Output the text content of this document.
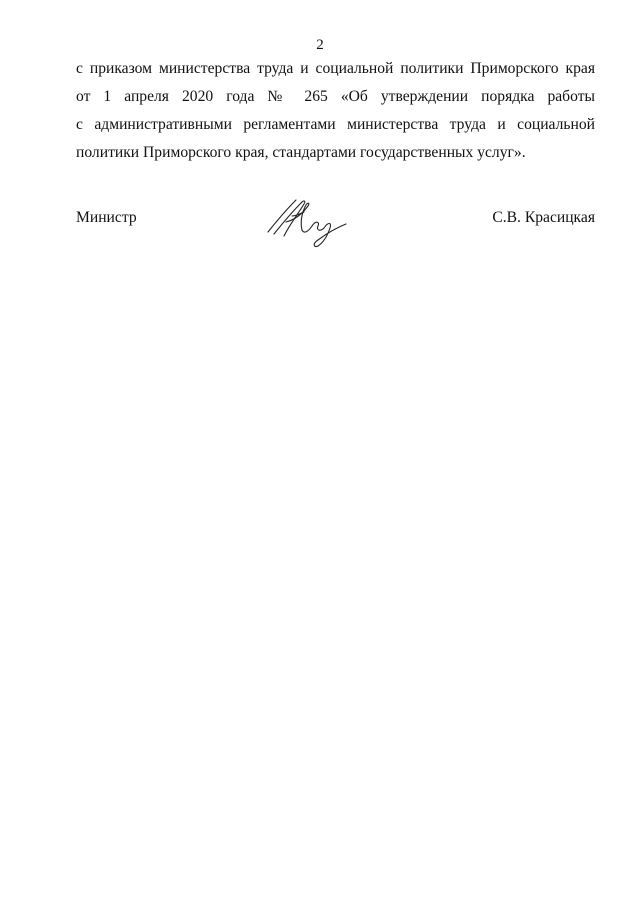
2
с приказом министерства труда и социальной политики Приморского края
от 1 апреля 2020 года № 265 «Об утверждении порядка работы
с административными регламентами министерства труда и социальной
политики Приморского края, стандартами государственных услуг».
Министр	С.В. Красицкая
